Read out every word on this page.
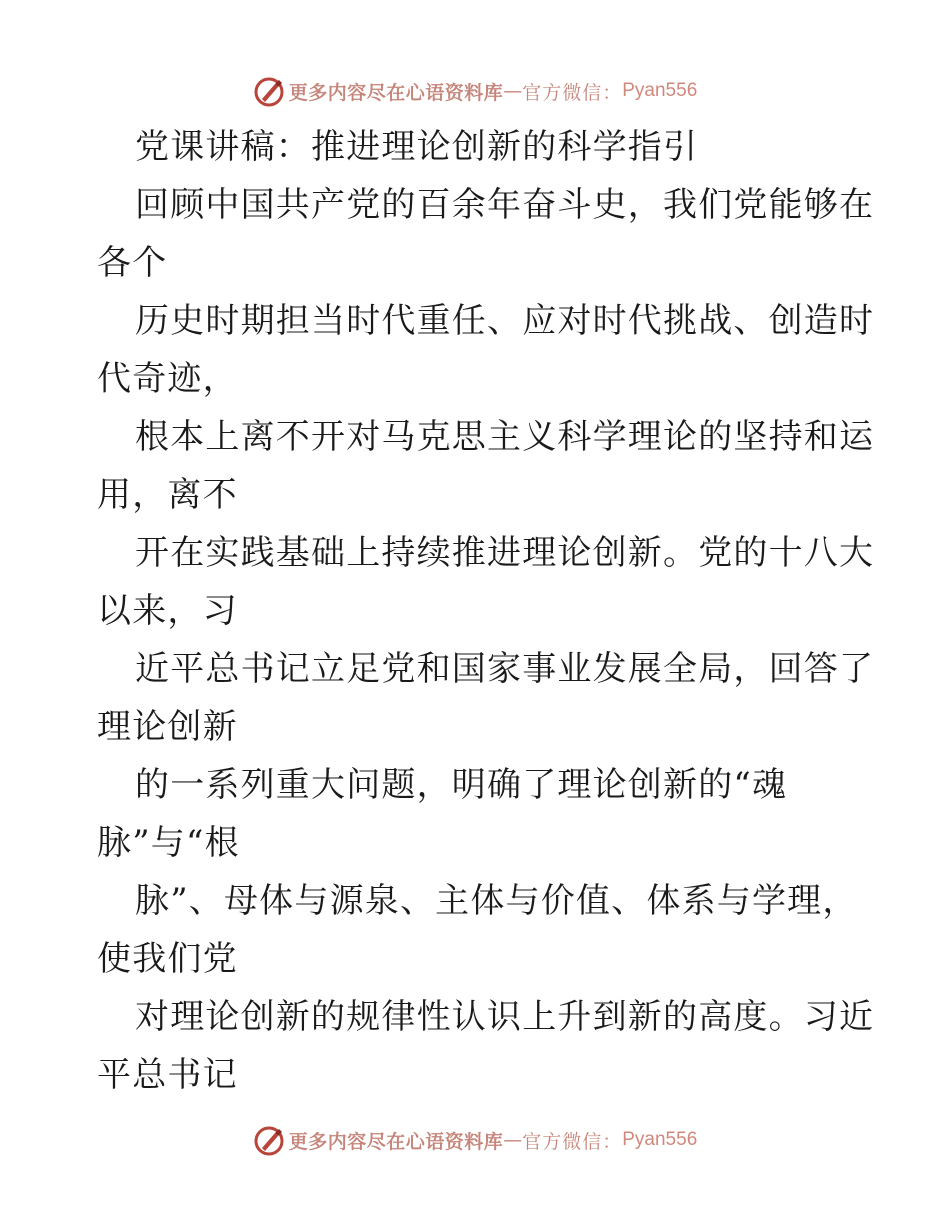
更多内容尽在心语资料库 — 官方微信： Pyan556
党课讲稿：推进理论创新的科学指引
回顾中国共产党的百余年奋斗史，我们党能够在
各个
历史时期担当时代重任、应对时代挑战、创造时
代奇迹，
根本上离不开对马克思主义科学理论的坚持和运
用，离不
开在实践基础上持续推进理论创新。党的十八大
以来，习
近平总书记立足党和国家事业发展全局，回答了
理论创新
的一系列重大问题，明确了理论创新的“魂
脉”与“根
脉”、母体与源泉、主体与价值、体系与学理，
使我们党
对理论创新的规律性认识上升到新的高度。习近
平总书记
更多内容尽在心语资料库 — 官方微信： Pyan556
